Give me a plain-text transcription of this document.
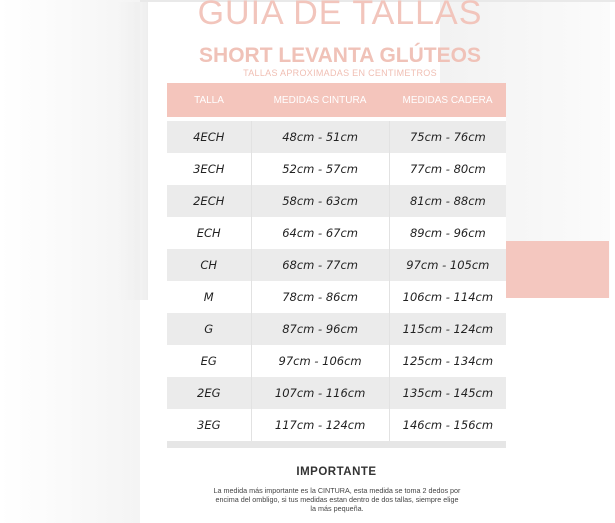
GUIA DE TALLAS
SHORT LEVANTA GLÚTEOS
TALLAS APROXIMADAS EN CENTIMETROS
TALLA	MEDIDAS CINTURA	MEDIDAS CADERA
4ECH	48cm - 51cm	75cm - 76cm
3ECH	52cm - 57cm	77cm - 80cm
2ECH	58cm - 63cm	81cm - 88cm
ECH	64cm - 67cm	89cm - 96cm
CH	68cm - 77cm	97cm - 105cm
M	78cm - 86cm	106cm - 114cm
G	87cm - 96cm	115cm - 124cm
EG	97cm - 106cm	125cm - 134cm
2EG	107cm - 116cm	135cm - 145cm
3EG	117cm - 124cm	146cm - 156cm
IMPORTANTE
La medida más importante es la CINTURA, esta medida se toma 2 dedos por encima del ombligo, si tus medidas estan dentro de dos tallas, siempre elige la más pequeña.
